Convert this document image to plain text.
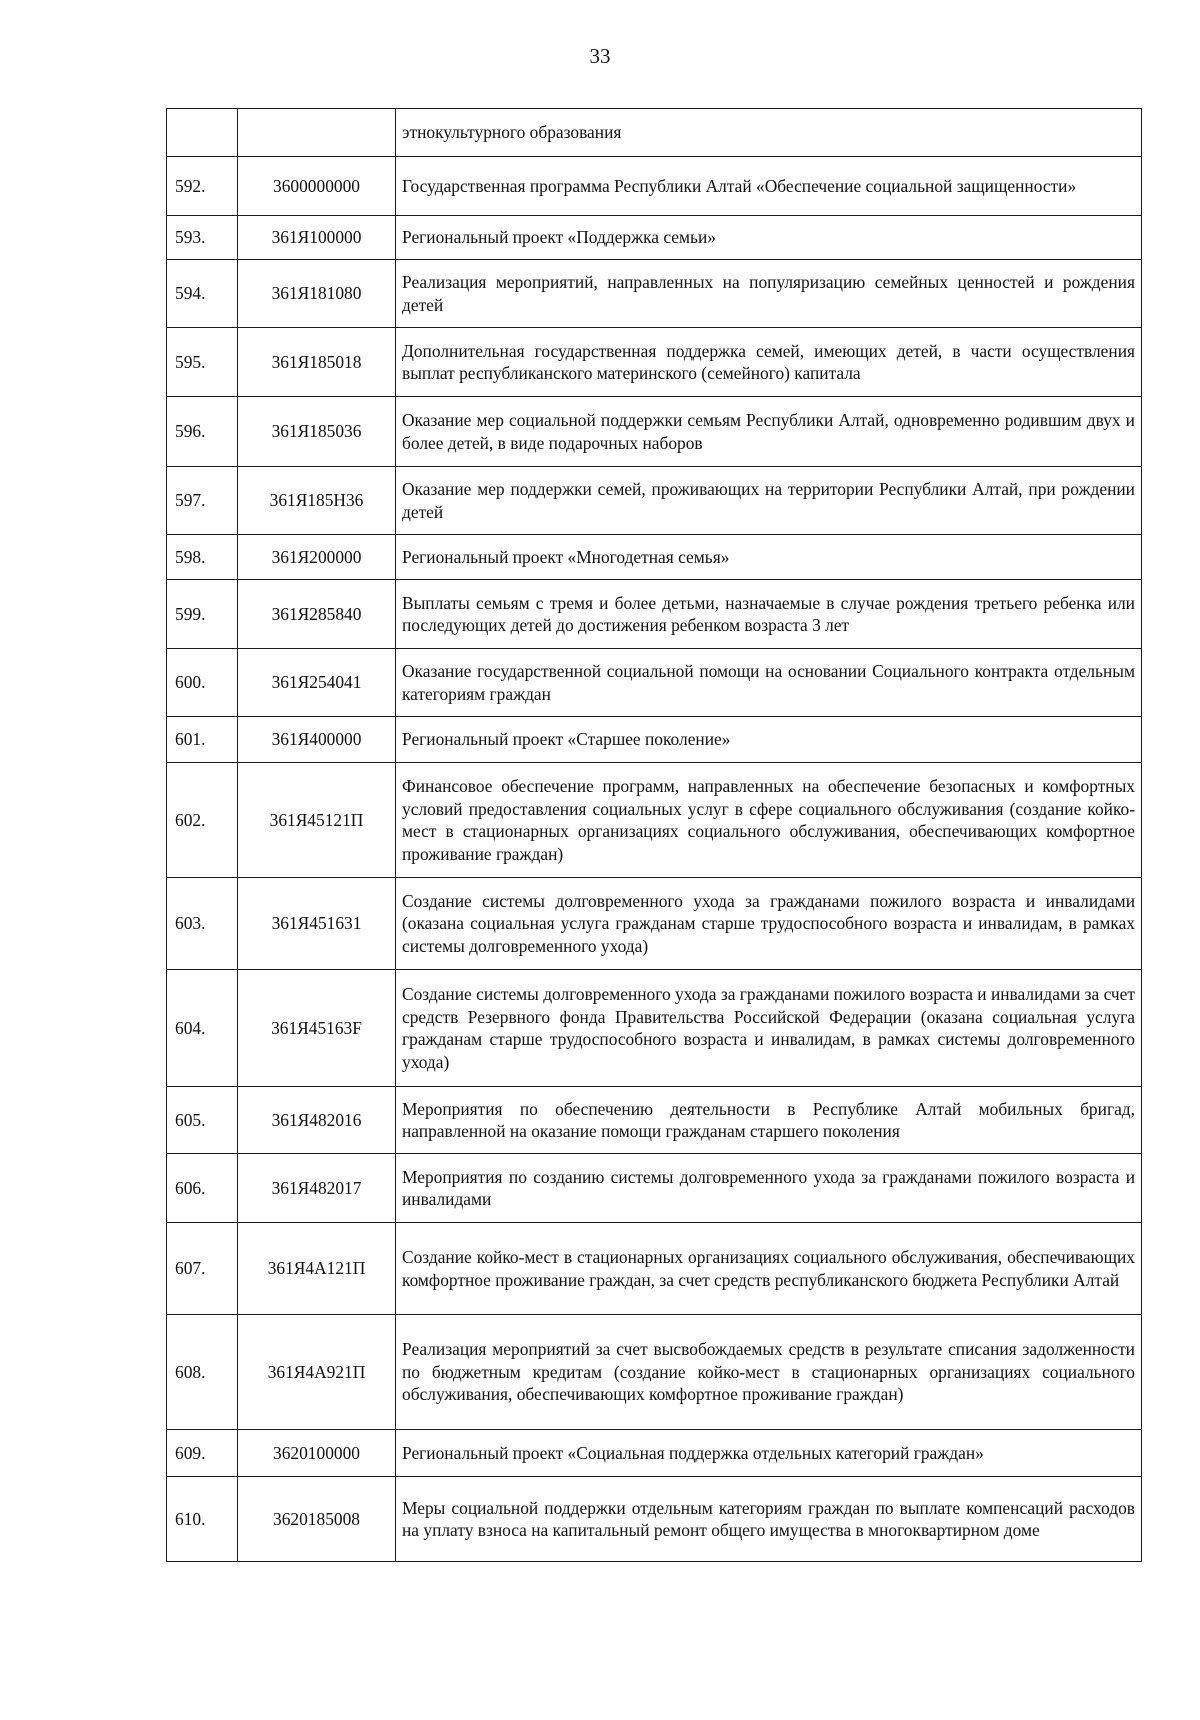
33
		этнокультурного образования
592.	3600000000	Государственная программа Республики Алтай «Обеспечение социальной защищенности»
593.	361Я100000	Региональный проект «Поддержка семьи»
594.	361Я181080	Реализация мероприятий, направленных на популяризацию семейных ценностей и рождения детей
595.	361Я185018	Дополнительная государственная поддержка семей, имеющих детей, в части осуществления выплат республиканского материнского (семейного) капитала
596.	361Я185036	Оказание мер социальной поддержки семьям Республики Алтай, одновременно родившим двух и более детей, в виде подарочных наборов
597.	361Я185Н36	Оказание мер поддержки семей, проживающих на территории Республики Алтай, при рождении детей
598.	361Я200000	Региональный проект «Многодетная семья»
599.	361Я285840	Выплаты семьям с тремя и более детьми, назначаемые в случае рождения третьего ребенка или последующих детей до достижения ребенком возраста 3 лет
600.	361Я254041	Оказание государственной социальной помощи на основании Социального контракта отдельным категориям граждан
601.	361Я400000	Региональный проект «Старшее поколение»
602.	361Я45121П	Финансовое обеспечение программ, направленных на обеспечение безопасных и комфортных условий предоставления социальных услуг в сфере социального обслуживания (создание койко-мест в стационарных организациях социального обслуживания, обеспечивающих комфортное проживание граждан)
603.	361Я451631	Создание системы долговременного ухода за гражданами пожилого возраста и инвалидами (оказана социальная услуга гражданам старше трудоспособного возраста и инвалидам, в рамках системы долговременного ухода)
604.	361Я45163F	Создание системы долговременного ухода за гражданами пожилого возраста и инвалидами за счет средств Резервного фонда Правительства Российской Федерации (оказана социальная услуга гражданам старше трудоспособного возраста и инвалидам, в рамках системы долговременного ухода)
605.	361Я482016	Мероприятия по обеспечению деятельности в Республике Алтай мобильных бригад, направленной на оказание помощи гражданам старшего поколения
606.	361Я482017	Мероприятия по созданию системы долговременного ухода за гражданами пожилого возраста и инвалидами
607.	361Я4А121П	Создание койко-мест в стационарных организациях социального обслуживания, обеспечивающих комфортное проживание граждан, за счет средств республиканского бюджета Республики Алтай
608.	361Я4А921П	Реализация мероприятий за счет высвобождаемых средств в результате списания задолженности по бюджетным кредитам (создание койко-мест в стационарных организациях социального обслуживания, обеспечивающих комфортное проживание граждан)
609.	3620100000	Региональный проект «Социальная поддержка отдельных категорий граждан»
610.	3620185008	Меры социальной поддержки отдельным категориям граждан по выплате компенсаций расходов на уплату взноса на капитальный ремонт общего имущества в многоквартирном доме
